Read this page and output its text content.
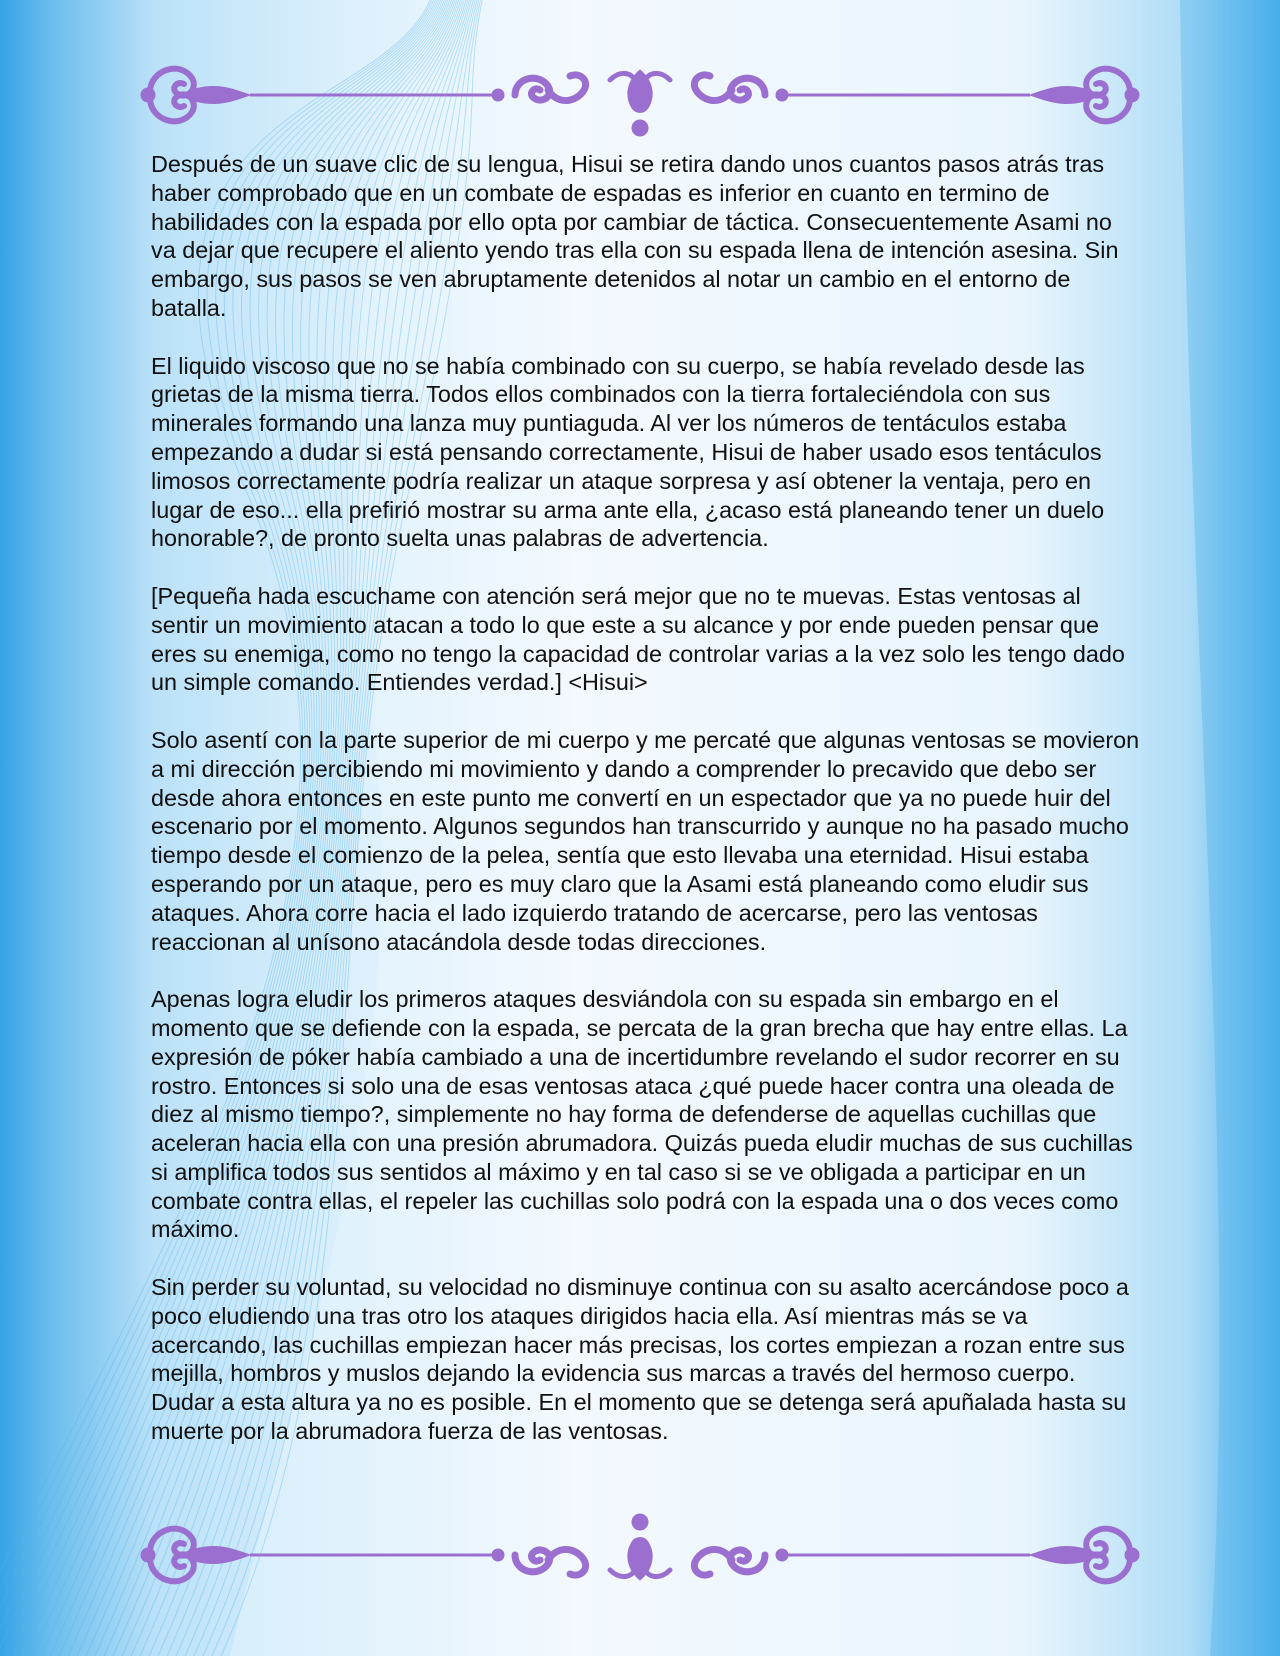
Después de un suave clic de su lengua, Hisui se retira dando unos cuantos pasos atrás tras haber comprobado que en un combate de espadas es inferior en cuanto en termino de habilidades con la espada por ello opta por cambiar de táctica. Consecuentemente Asami no va dejar que recupere el aliento yendo tras ella con su espada llena de intención asesina. Sin embargo, sus pasos se ven abruptamente detenidos al notar un cambio en el entorno de batalla.

El liquido viscoso que no se había combinado con su cuerpo, se había revelado desde las grietas de la misma tierra. Todos ellos combinados con la tierra fortaleciéndola con sus minerales formando una lanza muy puntiaguda. Al ver los números de tentáculos estaba empezando a dudar si está pensando correctamente, Hisui de haber usado esos tentáculos limosos correctamente podría realizar un ataque sorpresa y así obtener la ventaja, pero en lugar de eso... ella prefirió mostrar su arma ante ella, ¿acaso está planeando tener un duelo honorable?, de pronto suelta unas palabras de advertencia.

[Pequeña hada escuchame con atención será mejor que no te muevas. Estas ventosas al sentir un movimiento atacan a todo lo que este a su alcance y por ende pueden pensar que eres su enemiga, como no tengo la capacidad de controlar varias a la vez solo les tengo dado un simple comando. Entiendes verdad.] <Hisui>

Solo asentí con la parte superior de mi cuerpo y me percaté que algunas ventosas se movieron a mi dirección percibiendo mi movimiento y dando a comprender lo precavido que debo ser desde ahora entonces en este punto me convertí en un espectador que ya no puede huir del escenario por el momento. Algunos segundos han transcurrido y aunque no ha pasado mucho tiempo desde el comienzo de la pelea, sentía que esto llevaba una eternidad. Hisui estaba esperando por un ataque, pero es muy claro que la Asami está planeando como eludir sus ataques. Ahora corre hacia el lado izquierdo tratando de acercarse, pero las ventosas reaccionan al unísono atacándola desde todas direcciones.

Apenas logra eludir los primeros ataques desviándola con su espada sin embargo en el momento que se defiende con la espada, se percata de la gran brecha que hay entre ellas. La expresión de póker había cambiado a una de incertidumbre revelando el sudor recorrer en su rostro. Entonces si solo una de esas ventosas ataca ¿qué puede hacer contra una oleada de diez al mismo tiempo?, simplemente no hay forma de defenderse de aquellas cuchillas que aceleran hacia ella con una presión abrumadora. Quizás pueda eludir muchas de sus cuchillas si amplifica todos sus sentidos al máximo y en tal caso si se ve obligada a participar en un combate contra ellas, el repeler las cuchillas solo podrá con la espada una o dos veces como máximo.

Sin perder su voluntad, su velocidad no disminuye continua con su asalto acercándose poco a poco eludiendo una tras otro los ataques dirigidos hacia ella. Así mientras más se va acercando, las cuchillas empiezan hacer más precisas, los cortes empiezan a rozan entre sus mejilla, hombros y muslos dejando la evidencia sus marcas a través del hermoso cuerpo. Dudar a esta altura ya no es posible. En el momento que se detenga será apuñalada hasta su muerte por la abrumadora fuerza de las ventosas.
